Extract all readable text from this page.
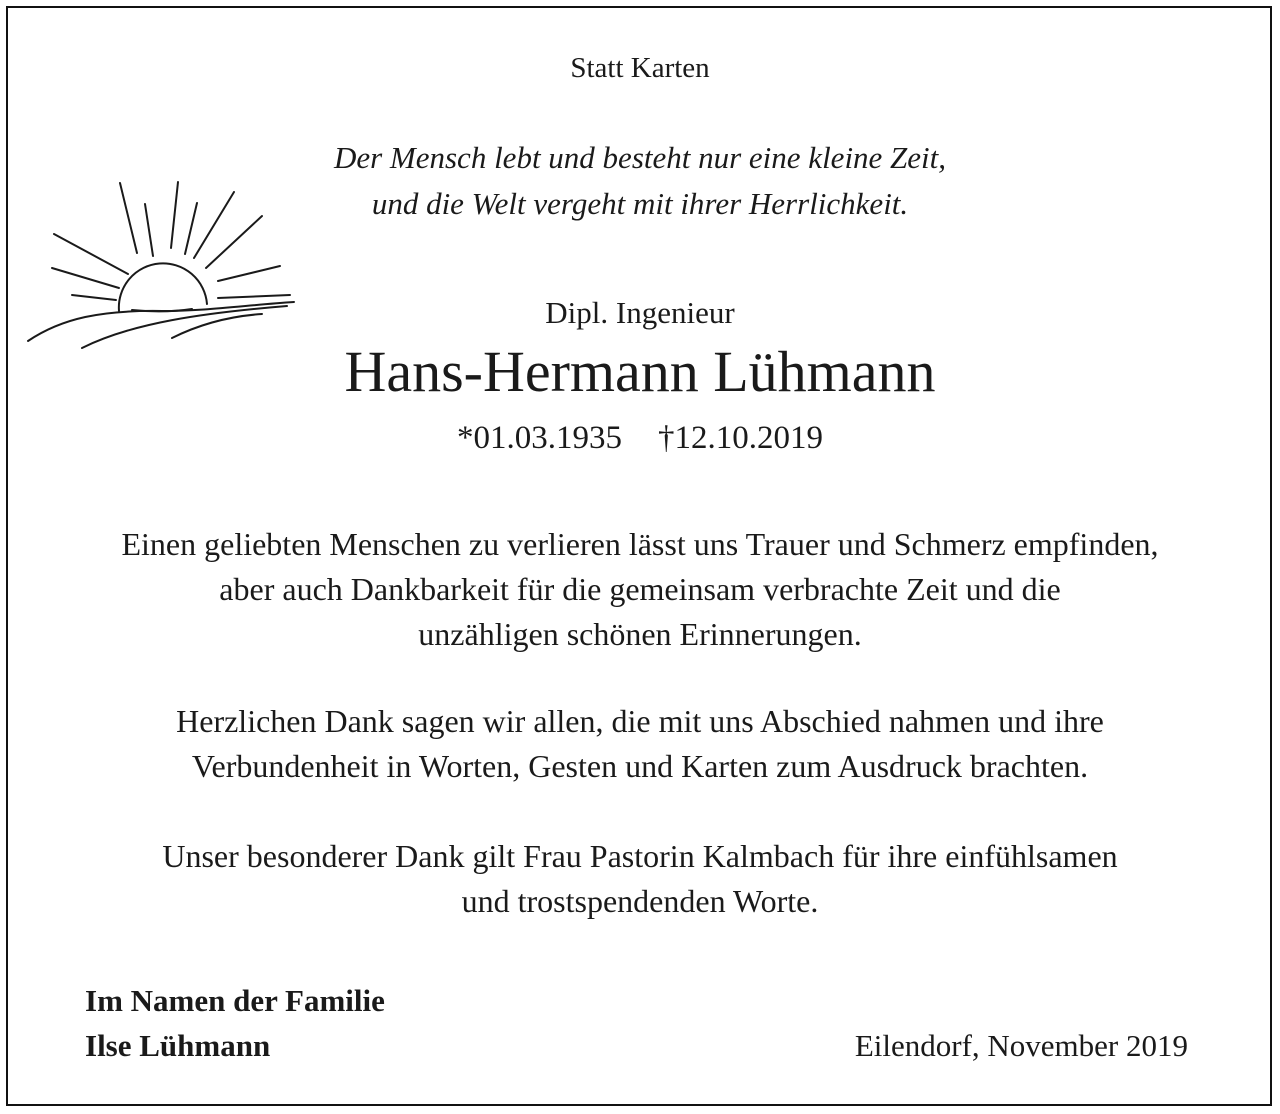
Statt Karten
Der Mensch lebt und besteht nur eine kleine Zeit,
und die Welt vergeht mit ihrer Herrlichkeit.
Dipl. Ingenieur
Hans-Hermann Lühmann
*01.03.1935 †12.10.2019
Einen geliebten Menschen zu verlieren lässt uns Trauer und Schmerz empfinden,
aber auch Dankbarkeit für die gemeinsam verbrachte Zeit und die
unzähligen schönen Erinnerungen.
Herzlichen Dank sagen wir allen, die mit uns Abschied nahmen und ihre
Verbundenheit in Worten, Gesten und Karten zum Ausdruck brachten.
Unser besonderer Dank gilt Frau Pastorin Kalmbach für ihre einfühlsamen
und trostspendenden Worte.
Im Namen der Familie
Ilse Lühmann	Eilendorf, November 2019
